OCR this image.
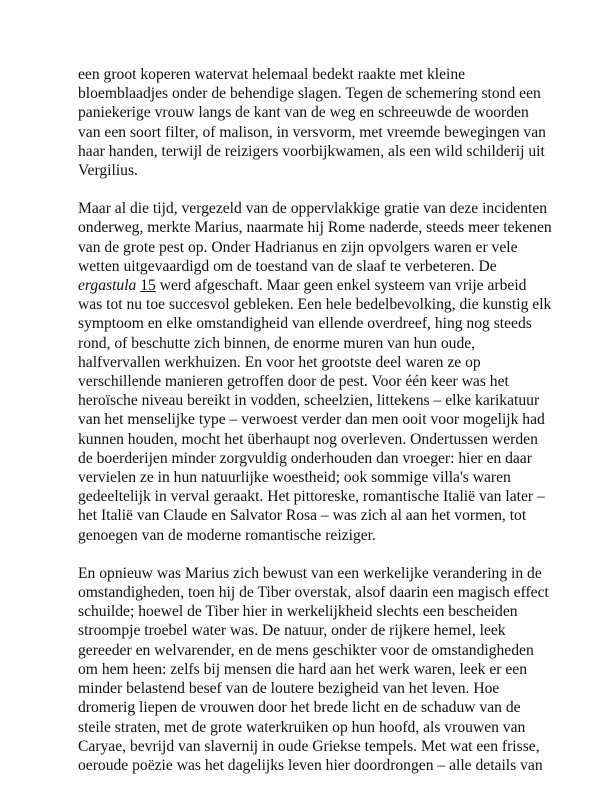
een groot koperen watervat helemaal bedekt raakte met kleine
bloemblaadjes onder de behendige slagen. Tegen de schemering stond een
paniekerige vrouw langs de kant van de weg en schreeuwde de woorden
van een soort filter, of malison, in versvorm, met vreemde bewegingen van
haar handen, terwijl de reizigers voorbijkwamen, als een wild schilderij uit
Vergilius.

Maar al die tijd, vergezeld van de oppervlakkige gratie van deze incidenten
onderweg, merkte Marius, naarmate hij Rome naderde, steeds meer tekenen
van de grote pest op. Onder Hadrianus en zijn opvolgers waren er vele
wetten uitgevaardigd om de toestand van de slaaf te verbeteren. De
ergastula 15 werd afgeschaft. Maar geen enkel systeem van vrije arbeid
was tot nu toe succesvol gebleken. Een hele bedelbevolking, die kunstig elk
symptoom en elke omstandigheid van ellende overdreef, hing nog steeds
rond, of beschutte zich binnen, de enorme muren van hun oude,
halfvervallen werkhuizen. En voor het grootste deel waren ze op
verschillende manieren getroffen door de pest. Voor één keer was het
heroïsche niveau bereikt in vodden, scheelzien, littekens – elke karikatuur
van het menselijke type – verwoest verder dan men ooit voor mogelijk had
kunnen houden, mocht het überhaupt nog overleven. Ondertussen werden
de boerderijen minder zorgvuldig onderhouden dan vroeger: hier en daar
vervielen ze in hun natuurlijke woestheid; ook sommige villa's waren
gedeeltelijk in verval geraakt. Het pittoreske, romantische Italië van later –
het Italië van Claude en Salvator Rosa – was zich al aan het vormen, tot
genoegen van de moderne romantische reiziger.

En opnieuw was Marius zich bewust van een werkelijke verandering in de
omstandigheden, toen hij de Tiber overstak, alsof daarin een magisch effect
schuilde; hoewel de Tiber hier in werkelijkheid slechts een bescheiden
stroompje troebel water was. De natuur, onder de rijkere hemel, leek
gereeder en welvarender, en de mens geschikter voor de omstandigheden
om hem heen: zelfs bij mensen die hard aan het werk waren, leek er een
minder belastend besef van de loutere bezigheid van het leven. Hoe
dromerig liepen de vrouwen door het brede licht en de schaduw van de
steile straten, met de grote waterkruiken op hun hoofd, als vrouwen van
Caryae, bevrijd van slavernij in oude Griekse tempels. Met wat een frisse,
oeroude poëzie was het dagelijks leven hier doordrongen – alle details van
